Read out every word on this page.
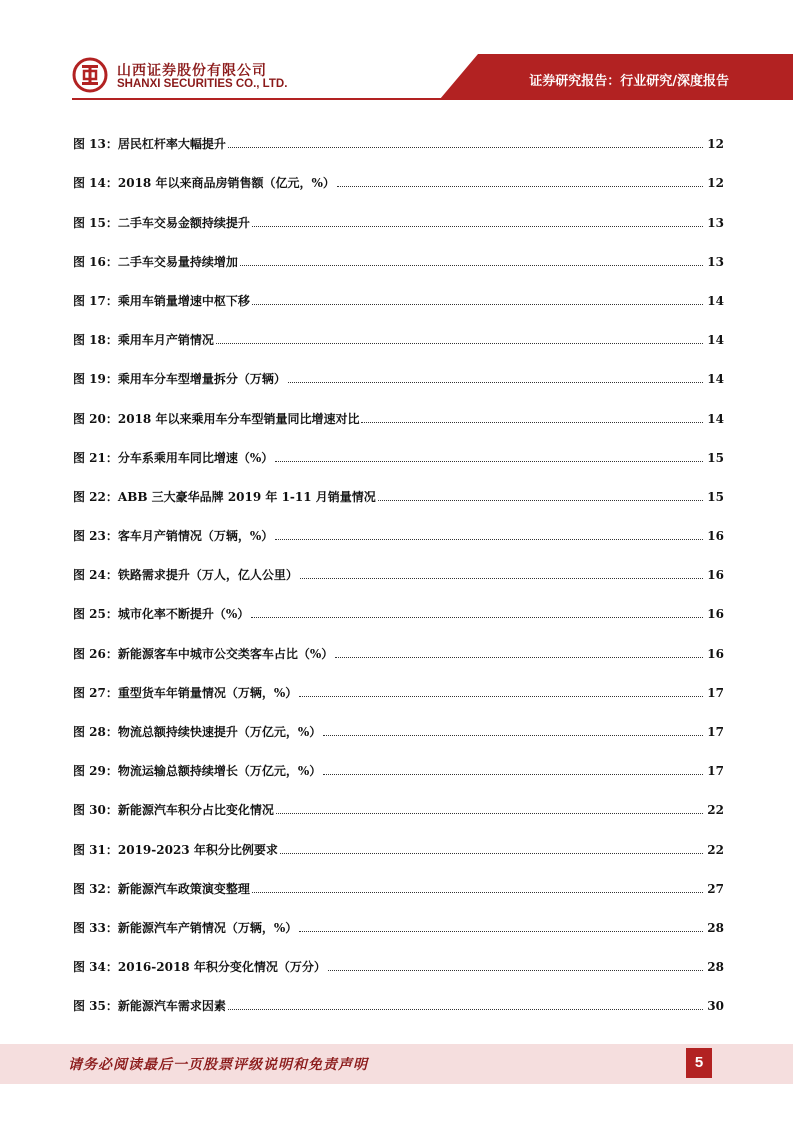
山西证券股份有限公司
SHANXI SECURITIES CO., LTD.	证券研究报告：行业研究/深度报告
图 13：居民杠杆率大幅提升	12
图 14：2018 年以来商品房销售额（亿元，%）	12
图 15：二手车交易金额持续提升	13
图 16：二手车交易量持续增加	13
图 17：乘用车销量增速中枢下移	14
图 18：乘用车月产销情况	14
图 19：乘用车分车型增量拆分（万辆）	14
图 20：2018 年以来乘用车分车型销量同比增速对比	14
图 21：分车系乘用车同比增速（%）	15
图 22：ABB 三大豪华品牌 2019 年 1-11 月销量情况	15
图 23：客车月产销情况（万辆，%）	16
图 24：铁路需求提升（万人，亿人公里）	16
图 25：城市化率不断提升（%）	16
图 26：新能源客车中城市公交类客车占比（%）	16
图 27：重型货车年销量情况（万辆，%）	17
图 28：物流总额持续快速提升（万亿元，%）	17
图 29：物流运输总额持续增长（万亿元，%）	17
图 30：新能源汽车积分占比变化情况	22
图 31：2019-2023 年积分比例要求	22
图 32：新能源汽车政策演变整理	27
图 33：新能源汽车产销情况（万辆，%）	28
图 34：2016-2018 年积分变化情况（万分）	28
图 35：新能源汽车需求因素	30
请务必阅读最后一页股票评级说明和免责声明	5
